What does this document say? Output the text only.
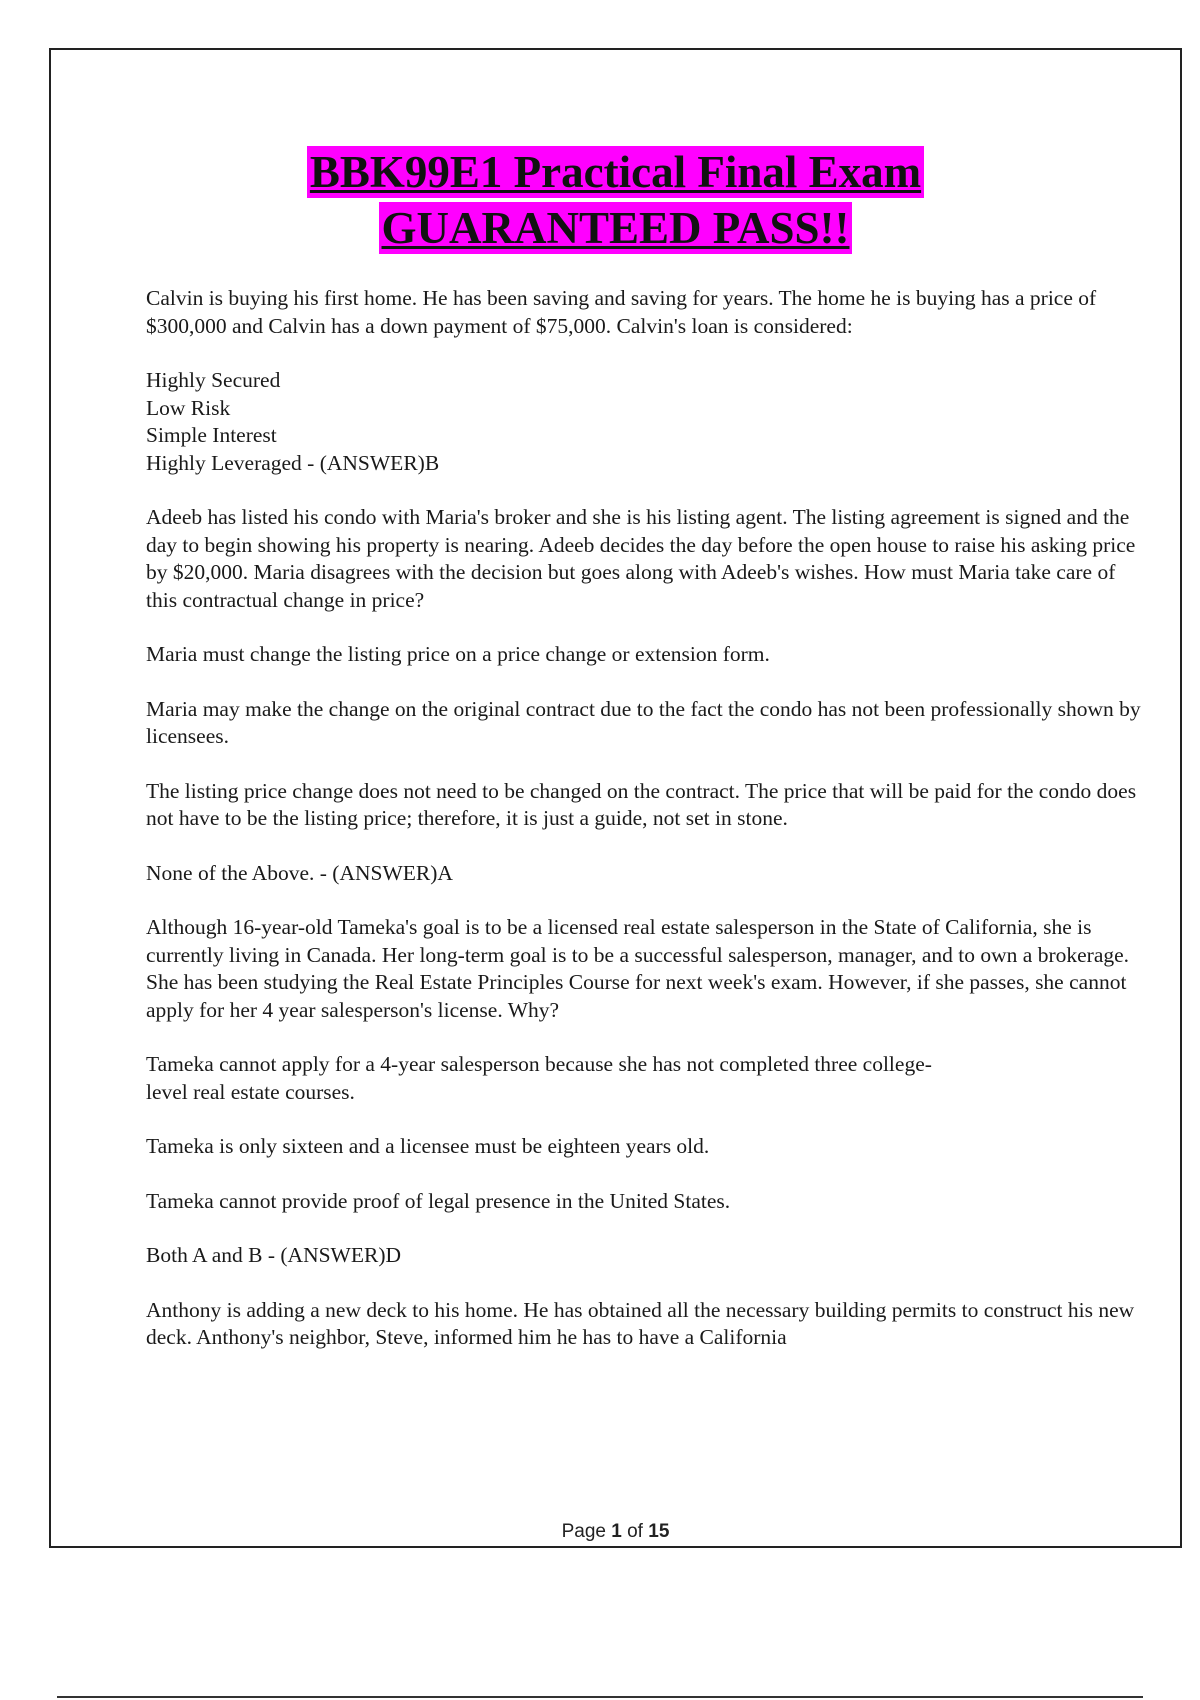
BBK99E1 Practical Final Exam
GUARANTEED PASS!!

Calvin is buying his first home. He has been saving and saving for years. The home he is buying has a price of $300,000 and Calvin has a down payment of $75,000. Calvin's loan is considered:

Highly Secured
Low Risk
Simple Interest
Highly Leveraged - (ANSWER)B

Adeeb has listed his condo with Maria's broker and she is his listing agent. The listing agreement is signed and the day to begin showing his property is nearing. Adeeb decides the day before the open house to raise his asking price by $20,000. Maria disagrees with the decision but goes along with Adeeb's wishes. How must Maria take care of this contractual change in price?

Maria must change the listing price on a price change or extension form.

Maria may make the change on the original contract due to the fact the condo has not been professionally shown by licensees.

The listing price change does not need to be changed on the contract. The price that will be paid for the condo does not have to be the listing price; therefore, it is just a guide, not set in stone.

None of the Above. - (ANSWER)A

Although 16-year-old Tameka's goal is to be a licensed real estate salesperson in the State of California, she is currently living in Canada. Her long-term goal is to be a successful salesperson, manager, and to own a brokerage. She has been studying the Real Estate Principles Course for next week's exam. However, if she passes, she cannot apply for her 4 year salesperson's license. Why?

Tameka cannot apply for a 4-year salesperson because she has not completed three college-level real estate courses.

Tameka is only sixteen and a licensee must be eighteen years old.

Tameka cannot provide proof of legal presence in the United States.

Both A and B - (ANSWER)D

Anthony is adding a new deck to his home. He has obtained all the necessary building permits to construct his new deck. Anthony's neighbor, Steve, informed him he has to have a California

Page 1 of 15
